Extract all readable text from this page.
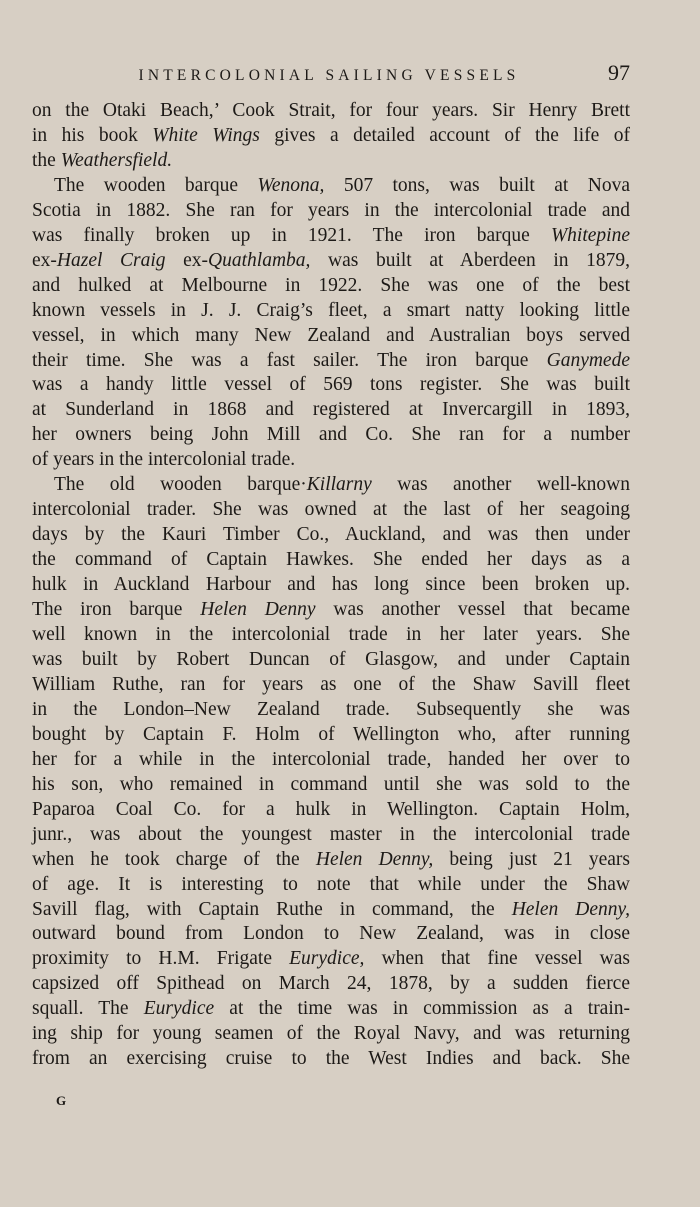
INTERCOLONIAL SAILING VESSELS	97

on the Otaki Beach,’ Cook Strait, for four years. Sir Henry Brett
in his book White Wings gives a detailed account of the life of
the Weathersfield.

The wooden barque Wenona, 507 tons, was built at Nova
Scotia in 1882. She ran for years in the intercolonial trade and
was finally broken up in 1921. The iron barque Whitepine
ex-Hazel Craig ex-Quathlamba, was built at Aberdeen in 1879,
and hulked at Melbourne in 1922. She was one of the best
known vessels in J. J. Craig’s fleet, a smart natty looking little
vessel, in which many New Zealand and Australian boys served
their time. She was a fast sailer. The iron barque Ganymede
was a handy little vessel of 569 tons register. She was built
at Sunderland in 1868 and registered at Invercargill in 1893,
her owners being John Mill and Co. She ran for a number
of years in the intercolonial trade.

The old wooden barque·Killarny was another well-known
intercolonial trader. She was owned at the last of her seagoing
days by the Kauri Timber Co., Auckland, and was then under
the command of Captain Hawkes. She ended her days as a
hulk in Auckland Harbour and has long since been broken up.
The iron barque Helen Denny was another vessel that became
well known in the intercolonial trade in her later years. She
was built by Robert Duncan of Glasgow, and under Captain
William Ruthe, ran for years as one of the Shaw Savill fleet
in the London–New Zealand trade. Subsequently she was
bought by Captain F. Holm of Wellington who, after running
her for a while in the intercolonial trade, handed her over to
his son, who remained in command until she was sold to the
Paparoa Coal Co. for a hulk in Wellington. Captain Holm,
junr., was about the youngest master in the intercolonial trade
when he took charge of the Helen Denny, being just 21 years
of age. It is interesting to note that while under the Shaw
Savill flag, with Captain Ruthe in command, the Helen Denny,
outward bound from London to New Zealand, was in close
proximity to H.M. Frigate Eurydice, when that fine vessel was
capsized off Spithead on March 24, 1878, by a sudden fierce
squall. The Eurydice at the time was in commission as a train-
ing ship for young seamen of the Royal Navy, and was returning
from an exercising cruise to the West Indies and back. She

G
